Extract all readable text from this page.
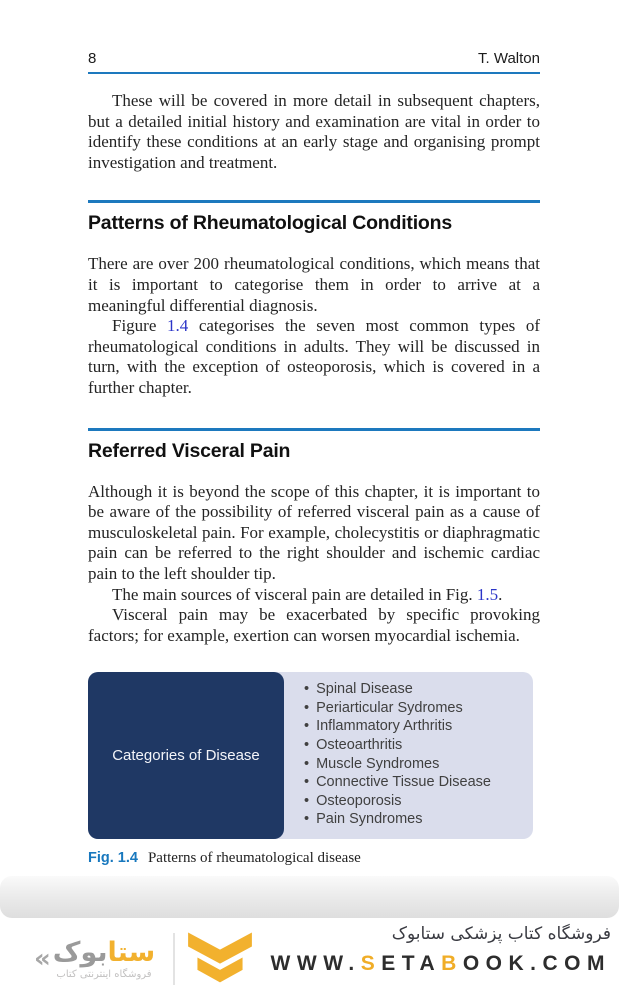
8	T. Walton

These will be covered in more detail in subsequent chapters, but a detailed initial history and examination are vital in order to identify these conditions at an early stage and organising prompt investigation and treatment.

Patterns of Rheumatological Conditions

There are over 200 rheumatological conditions, which means that it is important to categorise them in order to arrive at a meaningful differential diagnosis.

Figure 1.4 categorises the seven most common types of rheumatological conditions in adults. They will be discussed in turn, with the exception of osteoporosis, which is covered in a further chapter.

Referred Visceral Pain

Although it is beyond the scope of this chapter, it is important to be aware of the possibility of referred visceral pain as a cause of musculoskeletal pain. For example, cholecystitis or diaphragmatic pain can be referred to the right shoulder and ischemic cardiac pain to the left shoulder tip.

The main sources of visceral pain are detailed in Fig. 1.5.

Visceral pain may be exacerbated by specific provoking factors; for example, exertion can worsen myocardial ischemia.

Categories of Disease
• Spinal Disease
• Periarticular Sydromes
• Inflammatory Arthritis
• Osteoarthritis
• Muscle Syndromes
• Connective Tissue Disease
• Osteoporosis
• Pain Syndromes

Fig. 1.4 Patterns of rheumatological disease

«	ستابوک
فروشگاه اینترنتی کتاب
فروشگاه کتاب پزشکی ستابوک
WWW.SETABOOK.COM
